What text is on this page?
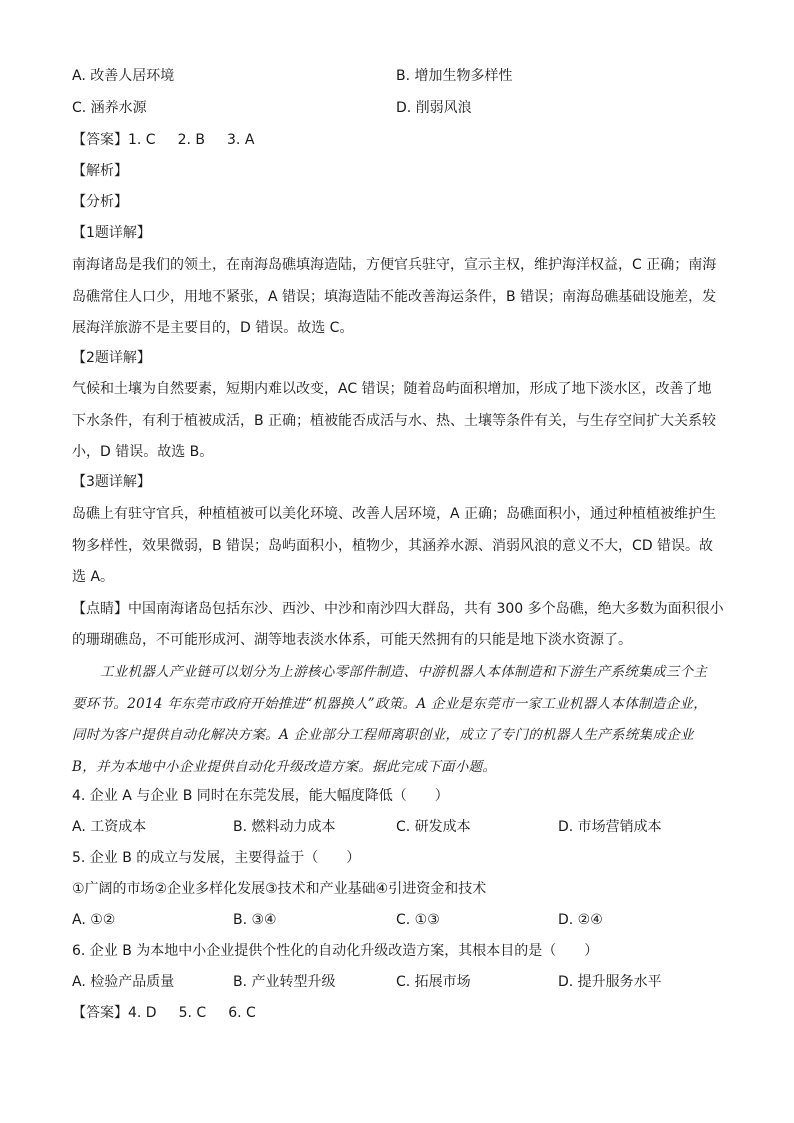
A. 改善人居环境	B. 增加生物多样性
C. 涵养水源	D. 削弱风浪
【答案】1. C 2. B 3. A
【解析】
【分析】
【1题详解】
南海诸岛是我们的领土，在南海岛礁填海造陆，方便官兵驻守，宣示主权，维护海洋权益，C 正确；南海
岛礁常住人口少，用地不紧张，A 错误；填海造陆不能改善海运条件，B 错误；南海岛礁基础设施差，发
展海洋旅游不是主要目的，D 错误。故选 C。
【2题详解】
气候和土壤为自然要素，短期内难以改变，AC 错误；随着岛屿面积增加，形成了地下淡水区，改善了地
下水条件，有利于植被成活，B 正确；植被能否成活与水、热、土壤等条件有关，与生存空间扩大关系较
小，D 错误。故选 B。
【3题详解】
岛礁上有驻守官兵，种植植被可以美化环境、改善人居环境，A 正确；岛礁面积小，通过种植植被维护生
物多样性，效果微弱，B 错误；岛屿面积小，植物少，其涵养水源、消弱风浪的意义不大，CD 错误。故
选 A。
【点睛】中国南海诸岛包括东沙、西沙、中沙和南沙四大群岛，共有 300 多个岛礁，绝大多数为面积很小
的珊瑚礁岛，不可能形成河、湖等地表淡水体系，可能天然拥有的只能是地下淡水资源了。
工业机器人产业链可以划分为上游核心零部件制造、中游机器人本体制造和下游生产系统集成三个主
要环节。2014 年东莞市政府开始推进“机器换人”政策。A 企业是东莞市一家工业机器人本体制造企业，
同时为客户提供自动化解决方案。A 企业部分工程师离职创业，成立了专门的机器人生产系统集成企业
B，并为本地中小企业提供自动化升级改造方案。据此完成下面小题。
4. 企业 A 与企业 B 同时在东莞发展，能大幅度降低（　　）
A. 工资成本	B. 燃料动力成本	C. 研发成本	D. 市场营销成本
5. 企业 B 的成立与发展，主要得益于（　　）
①广阔的市场②企业多样化发展③技术和产业基础④引进资金和技术
A. ①②	B. ③④	C. ①③	D. ②④
6. 企业 B 为本地中小企业提供个性化的自动化升级改造方案，其根本目的是（　　）
A. 检验产品质量	B. 产业转型升级	C. 拓展市场	D. 提升服务水平
【答案】4. D 5. C 6. C
